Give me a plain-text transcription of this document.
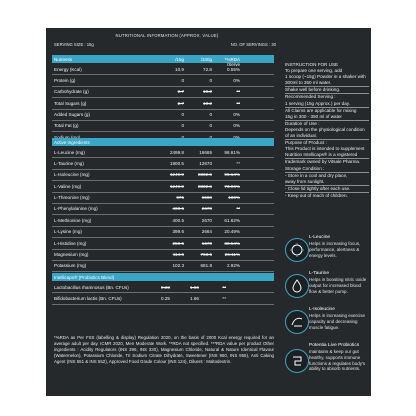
NUTRITIONAL INFORMATION (APPROX. VALUE)
SERVING SIZE : 15g	NO. OF SERVINGS : 20
Nutrients	/15g	/100g	*%RDA /Serve
Energy (Kcal)	10.9	72.8	0.55%
Protein (g)	0	0	0%
Carbohydrate (g)	2.7	18.2	**
Total Sugars (g)	2.7	18.2	**
Added Sugars (g)	0	0	0%
Total Fat (g)	0	0	0%
Active Ingredients
L-Leucine (mg)	2499.8	16665	98.61%
L-Taurine (mg)	1900.5	12670	**
L-Isoleucine (mg)	1249.9	8332.5	95.14%
L-Valine (mg)	1249.9	8332.5	73.96%
L-Threonine (mg)	975	6500	100%
L-Phenylalanine (mg)	400.5	2670	**
L-Methionine (mg)	400.5	2670	61.62%
L-Lysine (mg)	399.6	2664	20.49%
L-Histidine (mg)	250.5	1670	38.54%
Magnesium (mg)	114.5	763.5	26.11%
Potassium (mg)	102.3	681.8	2.92%
Intellicaps® (Probiotics Blend)
Lactobacillus rhamnosus (Bn. CFUs)	0.23	1.66	**
Bifidobacterium lactis (Bn. CFUs)	0.25	1.66	**
*%RDA as Per FSS (labelling & display) Regulation 2020, on the basis of 2000 Kcal energy required for an average adult per day. ICMR 2020, Men Moderate Work. **RDA not specified. ***RDA value per product Other ingredients : Acidity Regulators (INS 296, INS 330), Magnesium Chloride, Natural & Nature Identical Flavour (Watermelon), Potassium Chloride, Tri Sodium Citrate Dihydrate, Sweetener (INS 950, INS 955), Anti Caking Agent (INS 551 & INS 552), Approved Food Grade Colour (INS 124), Diluent : Maltodextrin.
INSTRUCTION FOR USE
To prepare one serving, add
1 scoop (~15g) Powder in a shaker with
300ml to 350 ml water.
Shake well before drinking.
Recommended Serving :
1 serving (15g Approx.) per day.
All Claims are applicable for mixing
15g in 300 - 350 ml of water
Duration of Use :
Depends on the physiological condition
of an individual.
Purpose of Product :
This Product is intended to supplement
Nutrition Intellicaps® is a registered
trademark owned by Vitsale Pharma.
Storage Condition :
- Store in a cool and dry place,
away from sunlight.
- Close lid tightly after each use.
- Keep out of reach of children.
L-Leucine
Helps in increasing focus,
performance, alertness &
energy levels.
L-Taurine
Helps in boosting nitric oxide
output for increased blood
flow & better pump.
L-Isoleucine
Helps in increasing exercise
capacity and decreasing
muscle fatigue.
Potentia Live Probiotics
maintains & keep our gut
healthy, supports immune
functions & regulates body's
ability to absorb nutrients.
